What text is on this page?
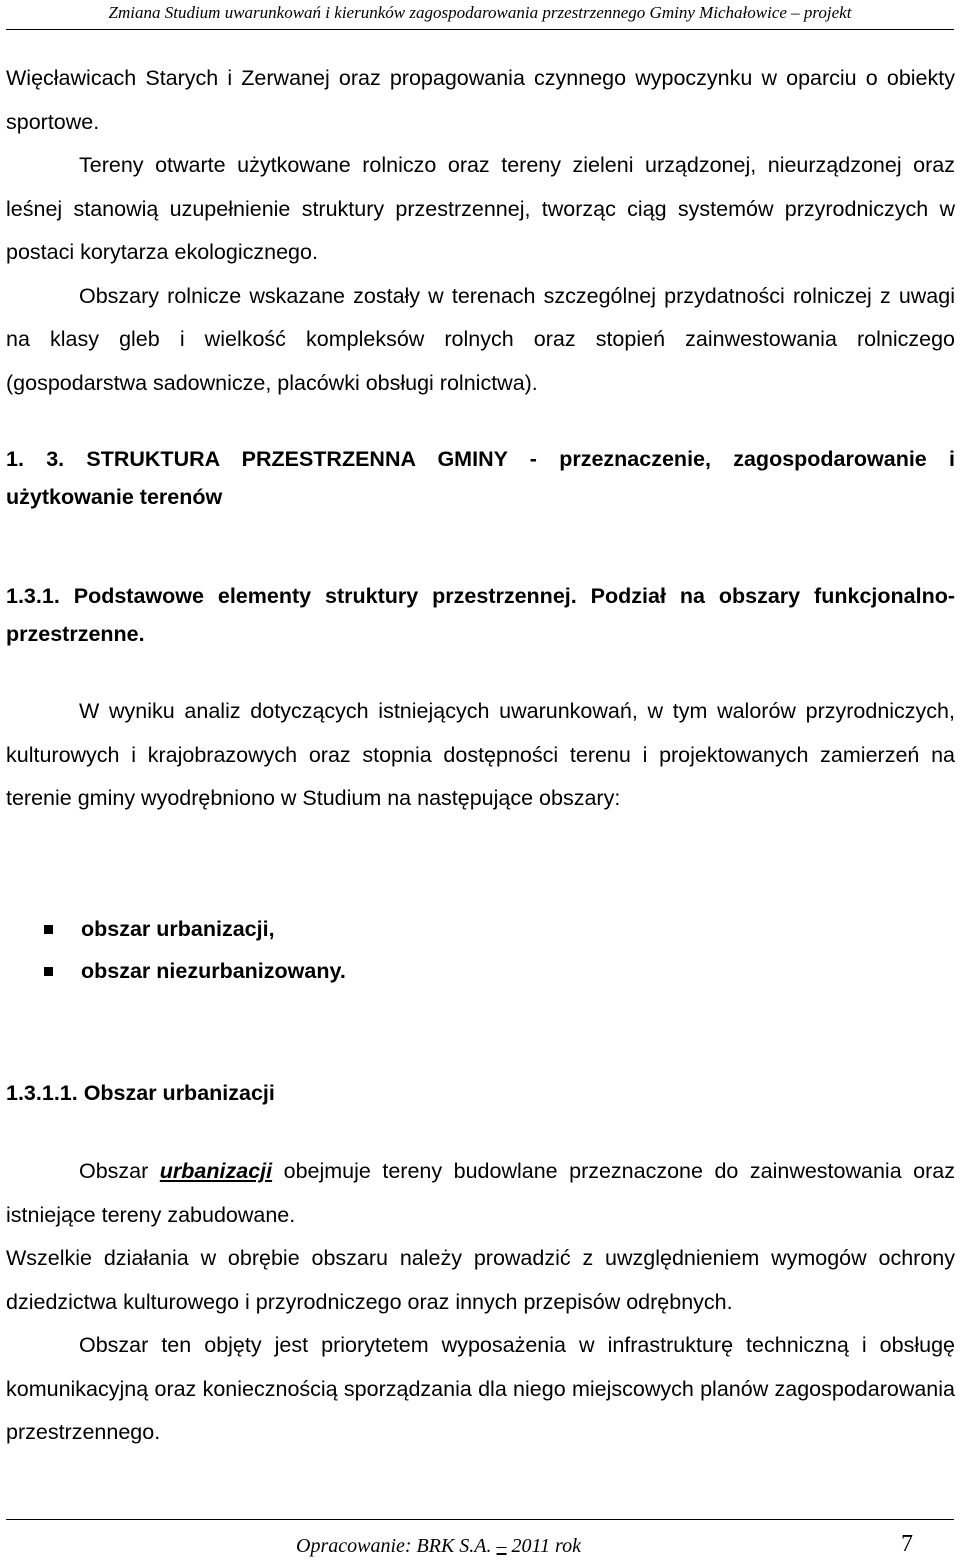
Zmiana Studium uwarunkowań i kierunków zagospodarowania przestrzennego Gminy Michałowice – projekt

Więcławicach Starych i Zerwanej oraz propagowania czynnego wypoczynku w oparciu o obiekty sportowe.

Tereny otwarte użytkowane rolniczo oraz tereny zieleni urządzonej, nieurządzonej oraz leśnej stanowią uzupełnienie struktury przestrzennej, tworząc ciąg systemów przyrodniczych w postaci korytarza ekologicznego.

Obszary rolnicze wskazane zostały w terenach szczególnej przydatności rolniczej z uwagi na klasy gleb i wielkość kompleksów rolnych oraz stopień zainwestowania rolniczego (gospodarstwa sadownicze, placówki obsługi rolnictwa).

1. 3. STRUKTURA PRZESTRZENNA GMINY - przeznaczenie, zagospodarowanie i użytkowanie terenów
1.3.1. Podstawowe elementy struktury przestrzennej. Podział na obszary funkcjonalno-przestrzenne.

W wyniku analiz dotyczących istniejących uwarunkowań, w tym walorów przyrodniczych, kulturowych i krajobrazowych oraz stopnia dostępności terenu i projektowanych zamierzeń na terenie gminy wyodrębniono w Studium na następujące obszary:

obszar urbanizacji,
obszar niezurbanizowany.
1.3.1.1. Obszar urbanizacji

Obszar urbanizacji obejmuje tereny budowlane przeznaczone do zainwestowania oraz istniejące tereny zabudowane.

Wszelkie działania w obrębie obszaru należy prowadzić z uwzględnieniem wymogów ochrony dziedzictwa kulturowego i przyrodniczego oraz innych przepisów odrębnych.

Obszar ten objęty jest priorytetem wyposażenia w infrastrukturę techniczną i obsługę komunikacyjną oraz koniecznością sporządzania dla niego miejscowych planów zagospodarowania przestrzennego.

Opracowanie: BRK S.A. – 2011 rok	7
